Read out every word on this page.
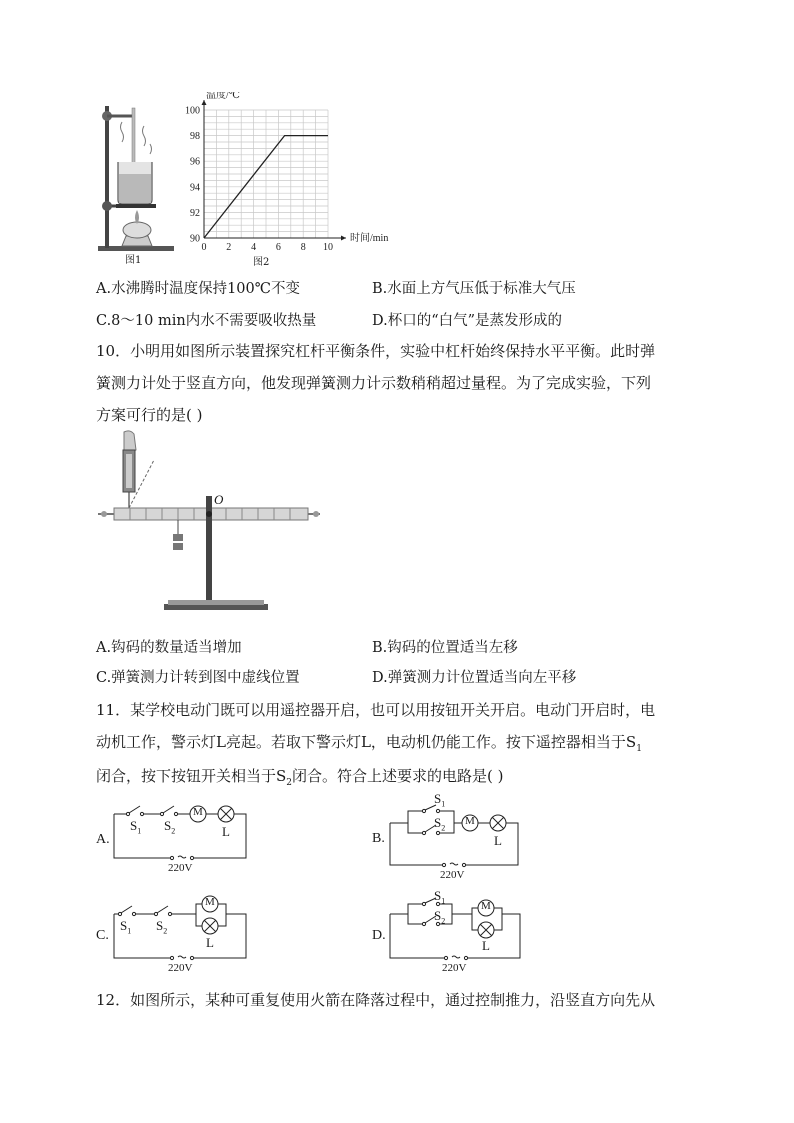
图1
0 2 4 6 8 10
90
92
94
96
98
100
温度/℃
时间/min
图2
A.水沸腾时温度保持100℃不变	B.水面上方气压低于标准大气压
C.8～10 min内水不需要吸收热量	D.杯口的“白气”是蒸发形成的
10．小明用如图所示装置探究杠杆平衡条件，实验中杠杆始终保持水平平衡。此时弹
簧测力计处于竖直方向，他发现弹簧测力计示数稍稍超过量程。为了完成实验，下列
方案可行的是( )
O
A.钩码的数量适当增加	B.钩码的位置适当左移
C.弹簧测力计转到图中虚线位置	D.弹簧测力计位置适当向左平移
11．某学校电动门既可以用遥控器开启，也可以用按钮开关开启。电动门开启时，电
动机工作，警示灯L亮起。若取下警示灯L，电动机仍能工作。按下遥控器相当于$S_1$
闭合，按下按钮开关相当于$S_2$闭合。符合上述要求的电路是( )
A.
M
L
$S_1$ $S_2$
220V
B.
M
L
$S_1$
$S_2$
220V
C.
M
L
$S_1$ $S_2$
220V
D.
M
L
$S_1$
$S_2$
220V
12．如图所示，某种可重复使用火箭在降落过程中，通过控制推力，沿竖直方向先从
